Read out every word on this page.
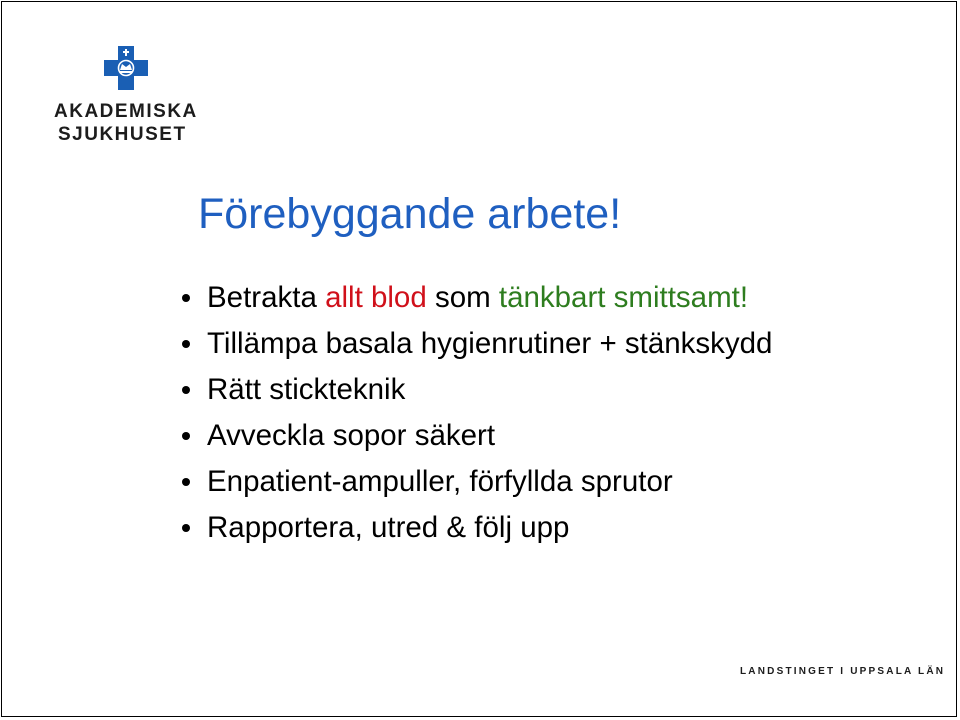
AKADEMISKA
SJUKHUSET
Förebyggande arbete!
Betrakta allt blod som tänkbart smittsamt!
Tillämpa basala hygienrutiner + stänkskydd
Rätt stickteknik
Avveckla sopor säkert
Enpatient-ampuller, förfyllda sprutor
Rapportera, utred & följ upp
LANDSTINGET I UPPSALA LÄN
